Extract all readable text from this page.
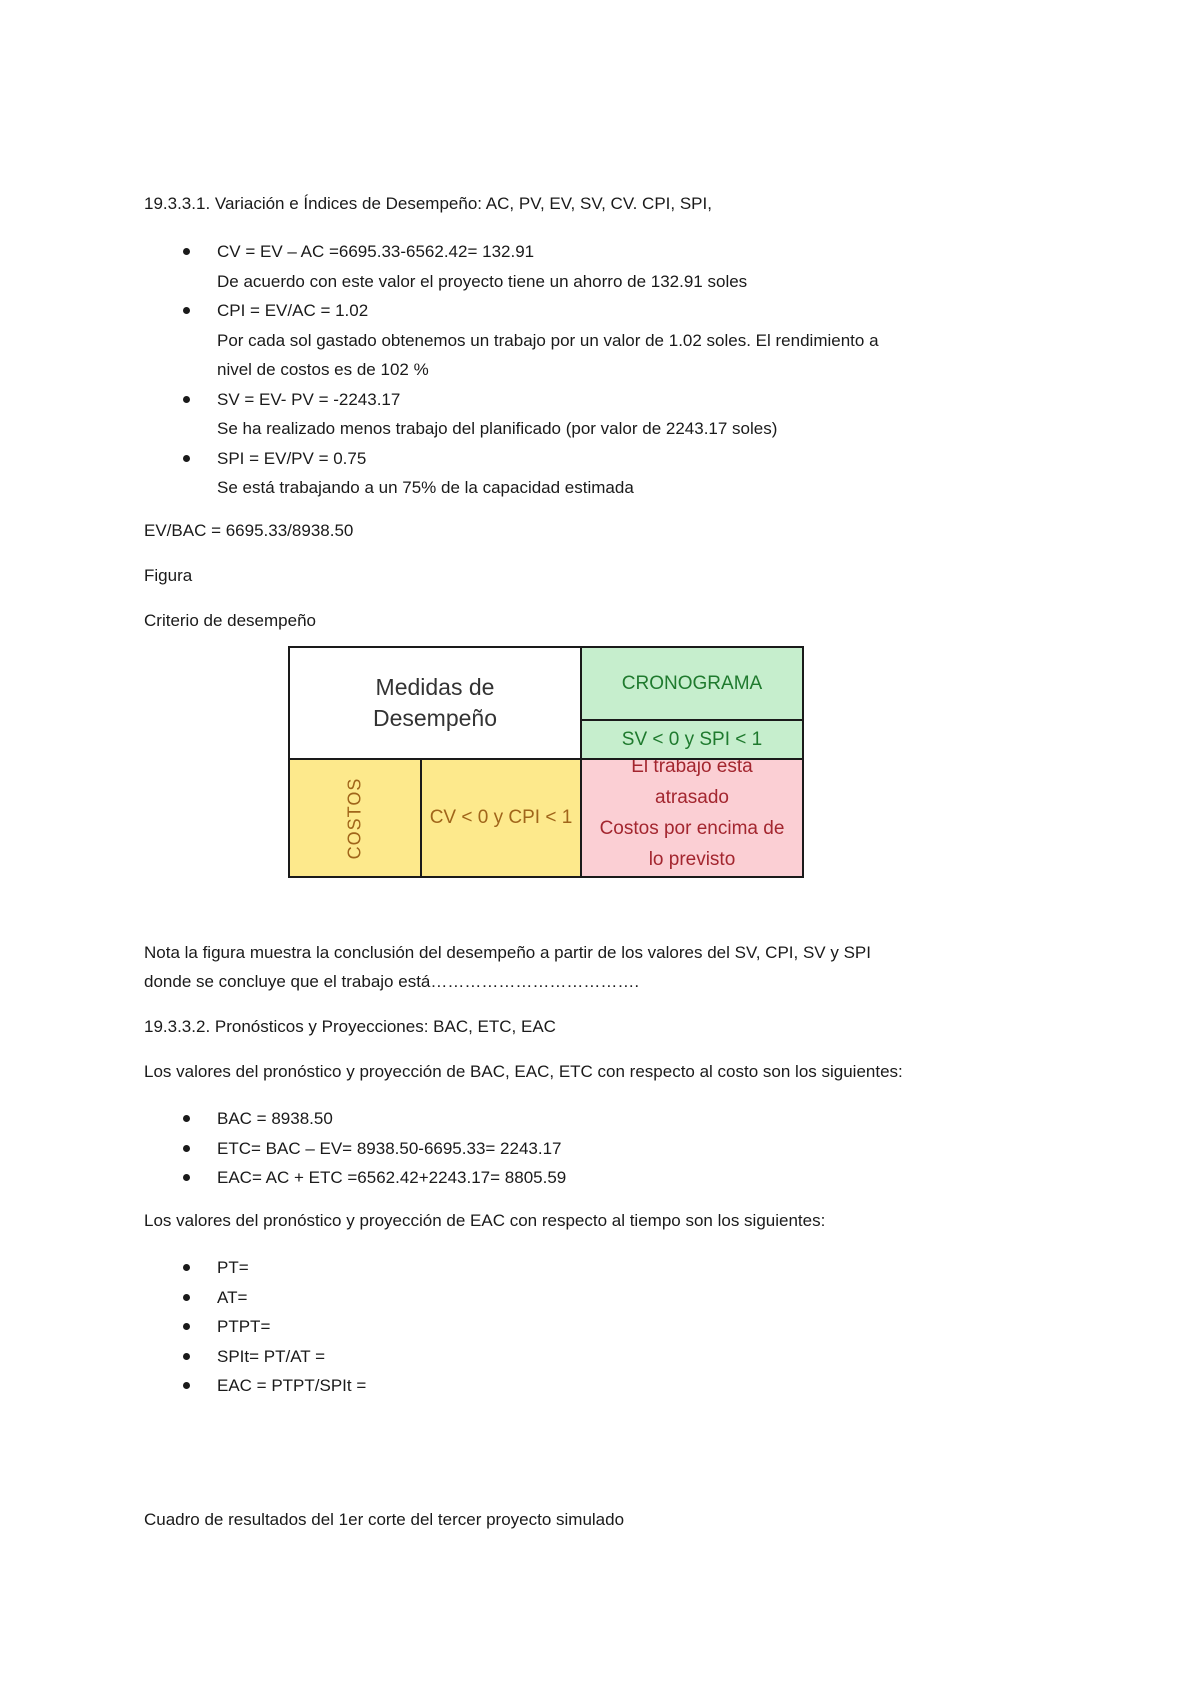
19.3.3.1. Variación e Índices de Desempeño: AC, PV, EV, SV, CV. CPI, SPI,
CV = EV – AC =6695.33-6562.42= 132.91
De acuerdo con este valor el proyecto tiene un ahorro de 132.91 soles
CPI = EV/AC = 1.02
Por cada sol gastado obtenemos un trabajo por un valor de 1.02 soles. El rendimiento a
nivel de costos es de 102 %
SV = EV- PV = -2243.17
Se ha realizado menos trabajo del planificado (por valor de 2243.17 soles)
SPI = EV/PV = 0.75
Se está trabajando a un 75% de la capacidad estimada
EV/BAC = 6695.33/8938.50
Figura
Criterio de desempeño
Medidas de
Desempeño
CRONOGRAMA
SV < 0 y SPI < 1
COSTOS	CV < 0 y CPI < 1
El trabajo esta
atrasado
Costos por encima de
lo previsto
Nota la figura muestra la conclusión del desempeño a partir de los valores del SV, CPI, SV y SPI
donde se concluye que el trabajo está……………………………….
19.3.3.2. Pronósticos y Proyecciones: BAC, ETC, EAC
Los valores del pronóstico y proyección de BAC, EAC, ETC con respecto al costo son los siguientes:
BAC = 8938.50
ETC= BAC – EV= 8938.50-6695.33= 2243.17
EAC= AC + ETC =6562.42+2243.17= 8805.59
Los valores del pronóstico y proyección de EAC con respecto al tiempo son los siguientes:
PT=
AT=
PTPT=
SPIt= PT/AT =
EAC = PTPT/SPIt =
Cuadro de resultados del 1er corte del tercer proyecto simulado
